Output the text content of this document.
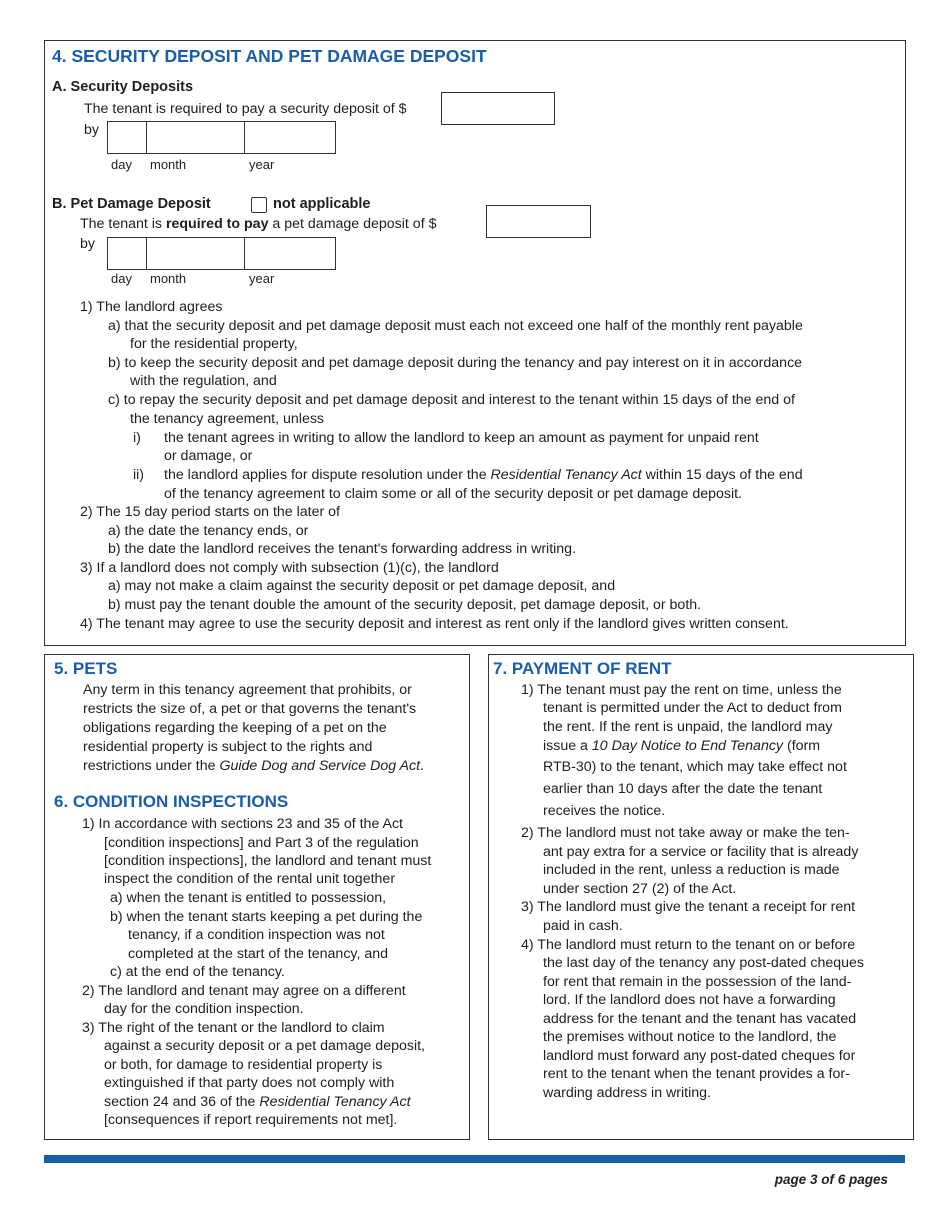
4. SECURITY DEPOSIT AND PET DAMAGE DEPOSIT
A. Security Deposits
The tenant is required to pay a security deposit of $
by
day month	year
B. Pet Damage Deposit	not applicable
The tenant is required to pay a pet damage deposit of $
by
day month	year
1) The landlord agrees
a) that the security deposit and pet damage deposit must each not exceed one half of the monthly rent payable
for the residential property,
b) to keep the security deposit and pet damage deposit during the tenancy and pay interest on it in accordance
with the regulation, and
c) to repay the security deposit and pet damage deposit and interest to the tenant within 15 days of the end of
the tenancy agreement, unless
i) the tenant agrees in writing to allow the landlord to keep an amount as payment for unpaid rent
or damage, or
ii) the landlord applies for dispute resolution under the Residential Tenancy Act within 15 days of the end
of the tenancy agreement to claim some or all of the security deposit or pet damage deposit.
2) The 15 day period starts on the later of
a) the date the tenancy ends, or
b) the date the landlord receives the tenant's forwarding address in writing.
3) If a landlord does not comply with subsection (1)(c), the landlord
a) may not make a claim against the security deposit or pet damage deposit, and
b) must pay the tenant double the amount of the security deposit, pet damage deposit, or both.
4) The tenant may agree to use the security deposit and interest as rent only if the landlord gives written consent.
5. PETS
Any term in this tenancy agreement that prohibits, or
restricts the size of, a pet or that governs the tenant's
obligations regarding the keeping of a pet on the
residential property is subject to the rights and
restrictions under the Guide Dog and Service Dog Act.
6. CONDITION INSPECTIONS
1) In accordance with sections 23 and 35 of the Act
[condition inspections] and Part 3 of the regulation
[condition inspections], the landlord and tenant must
inspect the condition of the rental unit together
a) when the tenant is entitled to possession,
b) when the tenant starts keeping a pet during the
tenancy, if a condition inspection was not
completed at the start of the tenancy, and
c) at the end of the tenancy.
2) The landlord and tenant may agree on a different
day for the condition inspection.
3) The right of the tenant or the landlord to claim
against a security deposit or a pet damage deposit,
or both, for damage to residential property is
extinguished if that party does not comply with
section 24 and 36 of the Residential Tenancy Act
[consequences if report requirements not met].
7. PAYMENT OF RENT
1) The tenant must pay the rent on time, unless the
tenant is permitted under the Act to deduct from
the rent. If the rent is unpaid, the landlord may
issue a 10 Day Notice to End Tenancy (form
RTB-30) to the tenant, which may take effect not
earlier than 10 days after the date the tenant
receives the notice.
2) The landlord must not take away or make the ten-
ant pay extra for a service or facility that is already
included in the rent, unless a reduction is made
under section 27 (2) of the Act.
3) The landlord must give the tenant a receipt for rent
paid in cash.
4) The landlord must return to the tenant on or before
the last day of the tenancy any post-dated cheques
for rent that remain in the possession of the land-
lord. If the landlord does not have a forwarding
address for the tenant and the tenant has vacated
the premises without notice to the landlord, the
landlord must forward any post-dated cheques for
rent to the tenant when the tenant provides a for-
warding address in writing.
page 3 of 6 pages
